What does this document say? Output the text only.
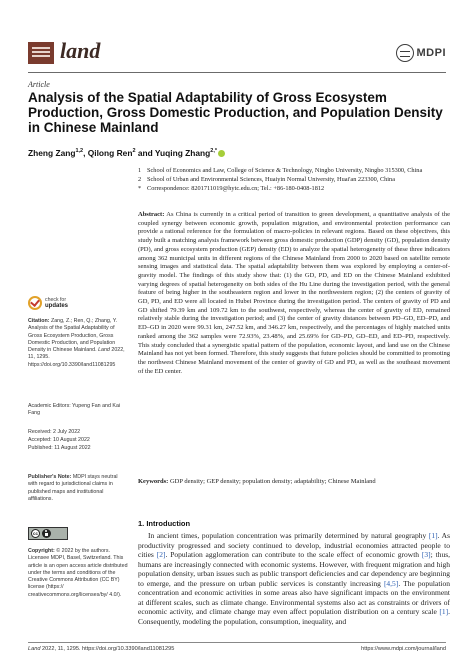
land	MDPI
Article
Analysis of the Spatial Adaptability of Gross Ecosystem Production, Gross Domestic Production, and Population Density in Chinese Mainland
Zheng Zang$^{1,2}$, Qilong Ren$^2$ and Yuqing Zhang$^{2,*}$
1 School of Economics and Law, College of Science & Technology, Ningbo University, Ningbo 315300, China
2 School of Urban and Environmental Sciences, Huaiyin Normal University, Huai'an 223300, China
* Correspondence: 8201711019@hytc.edu.cn; Tel.: +86-180-0408-1812
Abstract: As China is currently in a critical period of transition to green development, a quantitative analysis of the coupled synergy between economic growth, population migration, and environmental protection performance can provide a rational reference for the formulation of macro-policies in relevant regions. Based on these objectives, this study built a matching analysis framework between gross domestic production (GDP) density (GD), population density (PD), and gross ecosystem production (GEP) density (ED) to analyze the spatial heterogeneity of these three indicators among 362 municipal units in different regions of the Chinese Mainland from 2000 to 2020 based on satellite remote sensing images and statistical data. The spatial adaptability between them was explored by employing a center-of-gravity model. The findings of this study show that: (1) the GD, PD, and ED on the Chinese Mainland exhibited varying degrees of spatial heterogeneity on both sides of the Hu Line during the investigation period, with the general feature of being higher in the southeastern region and lower in the northwestern region; (2) the centers of gravity of GD, PD, and ED were all located in Hubei Province during the investigation period. The centers of gravity of PD and GD shifted 79.39 km and 109.72 km to the southwest, respectively, whereas the center of gravity of ED, remained relatively stable during the investigation period; and (3) the center of gravity distances between PD–GD, ED–PD, and ED–GD in 2020 were 99.31 km, 247.52 km, and 346.27 km, respectively, and the percentages of highly matched units ranked among the 362 samples were 72.93%, 23.48%, and 25.69% for GD–PD, GD–ED, and ED–PD, respectively. This study concluded that a synergistic spatial pattern of the population, economic layout, and land use on the Chinese Mainland has not yet been formed. Therefore, this study suggests that future policies should be committed to promoting the northwest Chinese Mainland movement of the center of gravity of GD and PD, as well as the southeast movement of the ED center.
Keywords: GDP density; GEP density; population density; adaptability; Chinese Mainland
check for
updates
Citation: Zang, Z.; Ren, Q.; Zhang, Y. Analysis of the Spatial Adaptability of Gross Ecosystem Production, Gross Domestic Production, and Population Density in Chinese Mainland. Land 2022, 11, 1295. https://doi.org/10.3390/land11081295
Academic Editors: Yupeng Fan and Kai Fang
Received: 2 July 2022
Accepted: 10 August 2022
Published: 11 August 2022
Publisher's Note: MDPI stays neutral with regard to jurisdictional claims in published maps and institutional affiliations.
cc
Copyright: © 2022 by the authors. Licensee MDPI, Basel, Switzerland. This article is an open access article distributed under the terms and conditions of the Creative Commons Attribution (CC BY) license (https:// creativecommons.org/licenses/by/ 4.0/).
1. Introduction
In ancient times, population concentration was primarily determined by natural geography [1]. As productivity progressed and society continued to develop, industrial economies attracted people to cities [2]. Population agglomeration can contribute to the scale effect of economic growth [3]; thus, humans are increasingly connected with economic systems. However, with frequent migration and high population density, urban issues such as public transport deficiencies and car dependency are beginning to emerge, and the pressure on urban public services is constantly increasing [4,5]. The population concentration and economic activities in some areas also have significant impacts on the environment at different scales, such as climate change. Environmental systems also act as constraints or drivers of economic activity, and climate change may even affect population distribution on a century scale [1]. Consequently, modeling the population, consumption, inequality, and
Land 2022, 11, 1295. https://doi.org/10.3390/land11081295	https://www.mdpi.com/journal/land
